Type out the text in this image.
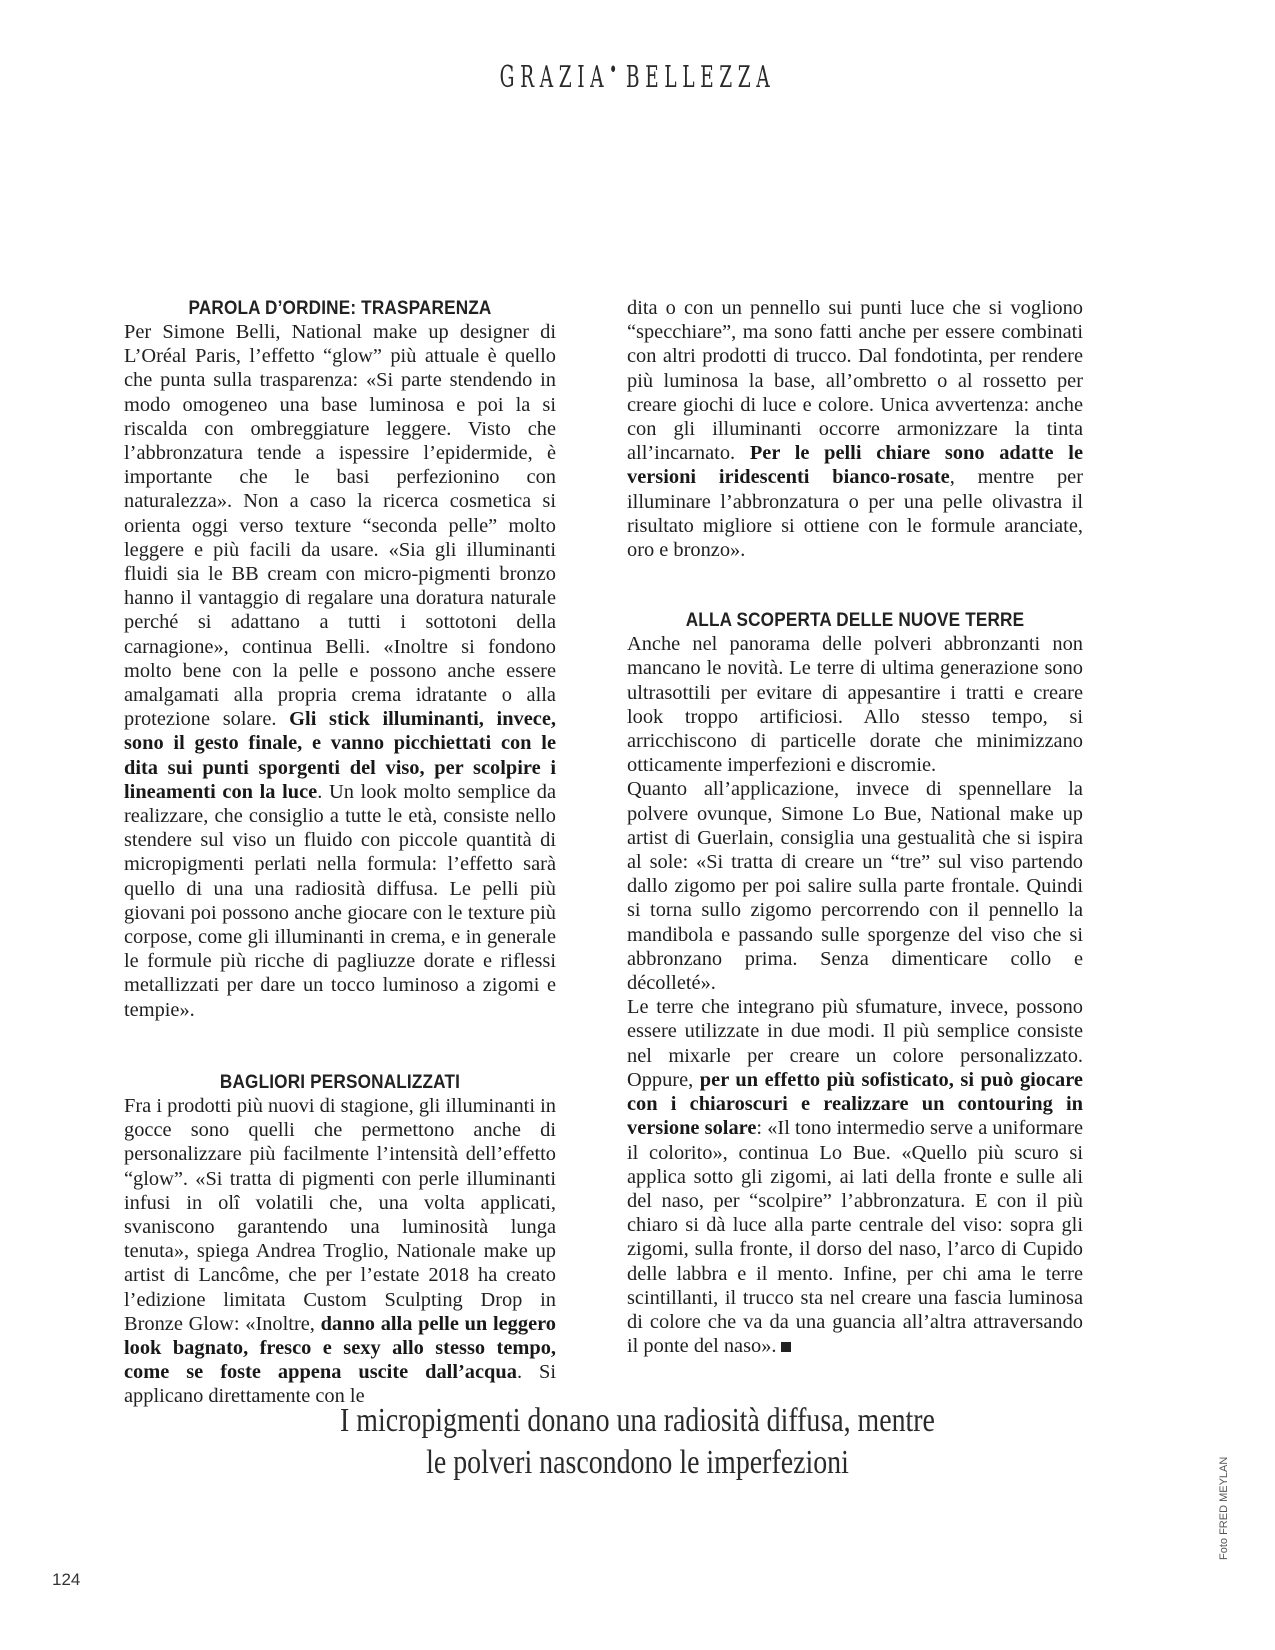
GRAZIA•BELLEZZA
PAROLA D’ORDINE: TRASPARENZA

Per Simone Belli, National make up designer di L’Oréal Paris, l’effetto “glow” più attuale è quello che punta sulla trasparenza: «Si parte stendendo in modo omogeneo una base luminosa e poi la si riscalda con ombreggiature leggere. Visto che l’abbronzatura tende a ispessire l’epidermide, è importante che le basi perfezionino con naturalezza». Non a caso la ricerca cosmetica si orienta oggi verso texture “seconda pelle” molto leggere e più facili da usare. «Sia gli illuminanti fluidi sia le BB cream con micro-pigmenti bronzo hanno il vantaggio di regalare una doratura naturale perché si adattano a tutti i sottotoni della carnagione», continua Belli. «Inoltre si fondono molto bene con la pelle e possono anche essere amalgamati alla propria crema idratante o alla protezione solare. Gli stick illuminanti, invece, sono il gesto finale, e vanno picchiettati con le dita sui punti sporgenti del viso, per scolpire i lineamenti con la luce. Un look molto semplice da realizzare, che consiglio a tutte le età, consiste nello stendere sul viso un fluido con piccole quantità di micropigmenti perlati nella formula: l’effetto sarà quello di una una radiosità diffusa. Le pelli più giovani poi possono anche giocare con le texture più corpose, come gli illuminanti in crema, e in generale le formule più ricche di pagliuzze dorate e riflessi metallizzati per dare un tocco luminoso a zigomi e tempie».

BAGLIORI PERSONALIZZATI

Fra i prodotti più nuovi di stagione, gli illuminanti in gocce sono quelli che permettono anche di personalizzare più facilmente l’intensità dell’effetto “glow”. «Si tratta di pigmenti con perle illuminanti infusi in olî volatili che, una volta applicati, svaniscono garantendo una luminosità lunga tenuta», spiega Andrea Troglio, Nationale make up artist di Lancôme, che per l’estate 2018 ha creato l’edizione limitata Custom Sculpting Drop in Bronze Glow: «Inoltre, danno alla pelle un leggero look bagnato, fresco e sexy allo stesso tempo, come se foste appena uscite dall’acqua. Si applicano direttamente con le

dita o con un pennello sui punti luce che si vogliono “specchiare”, ma sono fatti anche per essere combinati con altri prodotti di trucco. Dal fondotinta, per rendere più luminosa la base, all’ombretto o al rossetto per creare giochi di luce e colore. Unica avvertenza: anche con gli illuminanti occorre armonizzare la tinta all’incarnato. Per le pelli chiare sono adatte le versioni iridescenti bianco-rosate, mentre per illuminare l’abbronzatura o per una pelle olivastra il risultato migliore si ottiene con le formule aranciate, oro e bronzo».

ALLA SCOPERTA DELLE NUOVE TERRE

Anche nel panorama delle polveri abbronzanti non mancano le novità. Le terre di ultima generazione sono ultrasottili per evitare di appesantire i tratti e creare look troppo artificiosi. Allo stesso tempo, si arricchiscono di particelle dorate che minimizzano otticamente imperfezioni e discromie.

Quanto all’applicazione, invece di spennellare la polvere ovunque, Simone Lo Bue, National make up artist di Guerlain, consiglia una gestualità che si ispira al sole: «Si tratta di creare un “tre” sul viso partendo dallo zigomo per poi salire sulla parte frontale. Quindi si torna sullo zigomo percorrendo con il pennello la mandibola e passando sulle sporgenze del viso che si abbronzano prima. Senza dimenticare collo e décolleté».

Le terre che integrano più sfumature, invece, possono essere utilizzate in due modi. Il più semplice consiste nel mixarle per creare un colore personalizzato. Oppure, per un effetto più sofisticato, si può giocare con i chiaroscuri e realizzare un contouring in versione solare: «Il tono intermedio serve a uniformare il colorito», continua Lo Bue. «Quello più scuro si applica sotto gli zigomi, ai lati della fronte e sulle ali del naso, per “scolpire” l’abbronzatura. E con il più chiaro si dà luce alla parte centrale del viso: sopra gli zigomi, sulla fronte, il dorso del naso, l’arco di Cupido delle labbra e il mento. Infine, per chi ama le terre scintillanti, il trucco sta nel creare una fascia luminosa di colore che va da una guancia all’altra attraversando il ponte del naso».

I micropigmenti donano una radiosità diffusa, mentre
le polveri nascondono le imperfezioni	Foto FRED MEYLAN
124
